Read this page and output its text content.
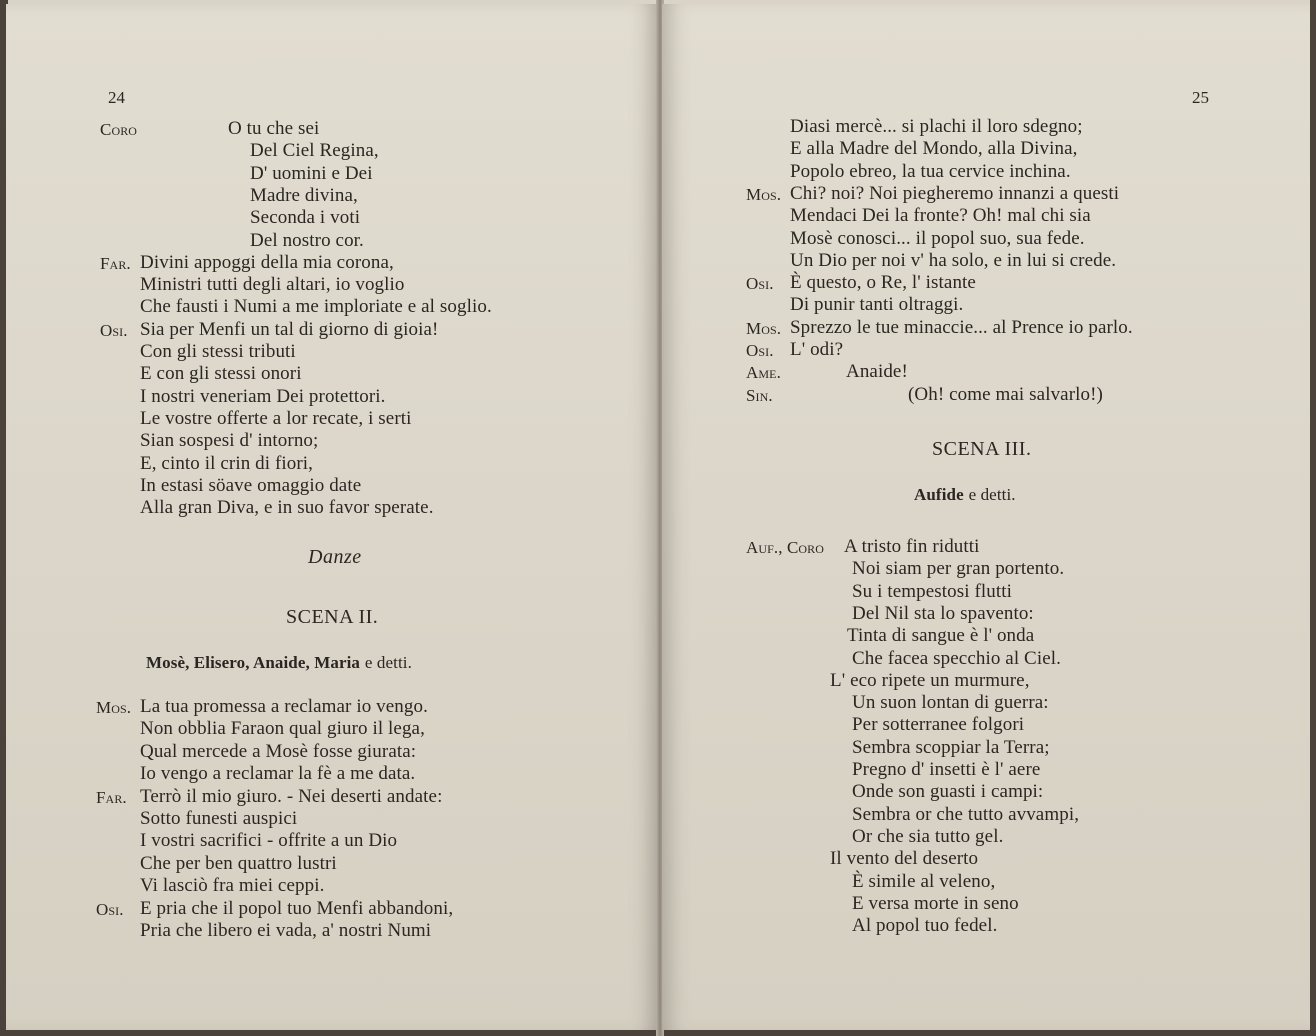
24
Coro	O tu che sei
Del Ciel Regina,
D' uomini e Dei
Madre divina,
Seconda i voti
Del nostro cor.
Far. Divini appoggi della mia corona,
Ministri tutti degli altari, io voglio
Che fausti i Numi a me imploriate e al soglio.
Osi. Sia per Menfi un tal di giorno di gioia!
Con gli stessi tributi
E con gli stessi onori
I nostri veneriam Dei protettori.
Le vostre offerte a lor recate, i serti
Sian sospesi d' intorno;
E, cinto il crin di fiori,
In estasi söave omaggio date
Alla gran Diva, e in suo favor sperate.
Danze
SCENA II.
Mosè, Elisero, Anaide, Maria e detti.
Mos. La tua promessa a reclamar io vengo.
Non obblia Faraon qual giuro il lega,
Qual mercede a Mosè fosse giurata:
Io vengo a reclamar la fè a me data.
Far. Terrò il mio giuro. - Nei deserti andate:
Sotto funesti auspici
I vostri sacrifici - offrite a un Dio
Che per ben quattro lustri
Vi lasciò fra miei ceppi.
Osi. E pria che il popol tuo Menfi abbandoni,
Pria che libero ei vada, a' nostri Numi
25
Diasi mercè... si plachi il loro sdegno;
E alla Madre del Mondo, alla Divina,
Popolo ebreo, la tua cervice inchina.
Mos. Chi? noi? Noi piegheremo innanzi a questi
Mendaci Dei la fronte? Oh! mal chi sia
Mosè conosci... il popol suo, sua fede.
Un Dio per noi v' ha solo, e in lui si crede.
Osi. È questo, o Re, l' istante
Di punir tanti oltraggi.
Mos. Sprezzo le tue minaccie... al Prence io parlo.
Osi. L' odi?
Ame.	Anaide!
Sin.	(Oh! come mai salvarlo!)
SCENA III.
Aufide e detti.
Auf., Coro A tristo fin ridutti
Noi siam per gran portento.
Su i tempestosi flutti
Del Nil sta lo spavento:
Tinta di sangue è l' onda
Che facea specchio al Ciel.
L' eco ripete un murmure,
Un suon lontan di guerra:
Per sotterranee folgori
Sembra scoppiar la Terra;
Pregno d' insetti è l' aere
Onde son guasti i campi:
Sembra or che tutto avvampi,
Or che sia tutto gel.
Il vento del deserto
È simile al veleno,
E versa morte in seno
Al popol tuo fedel.
